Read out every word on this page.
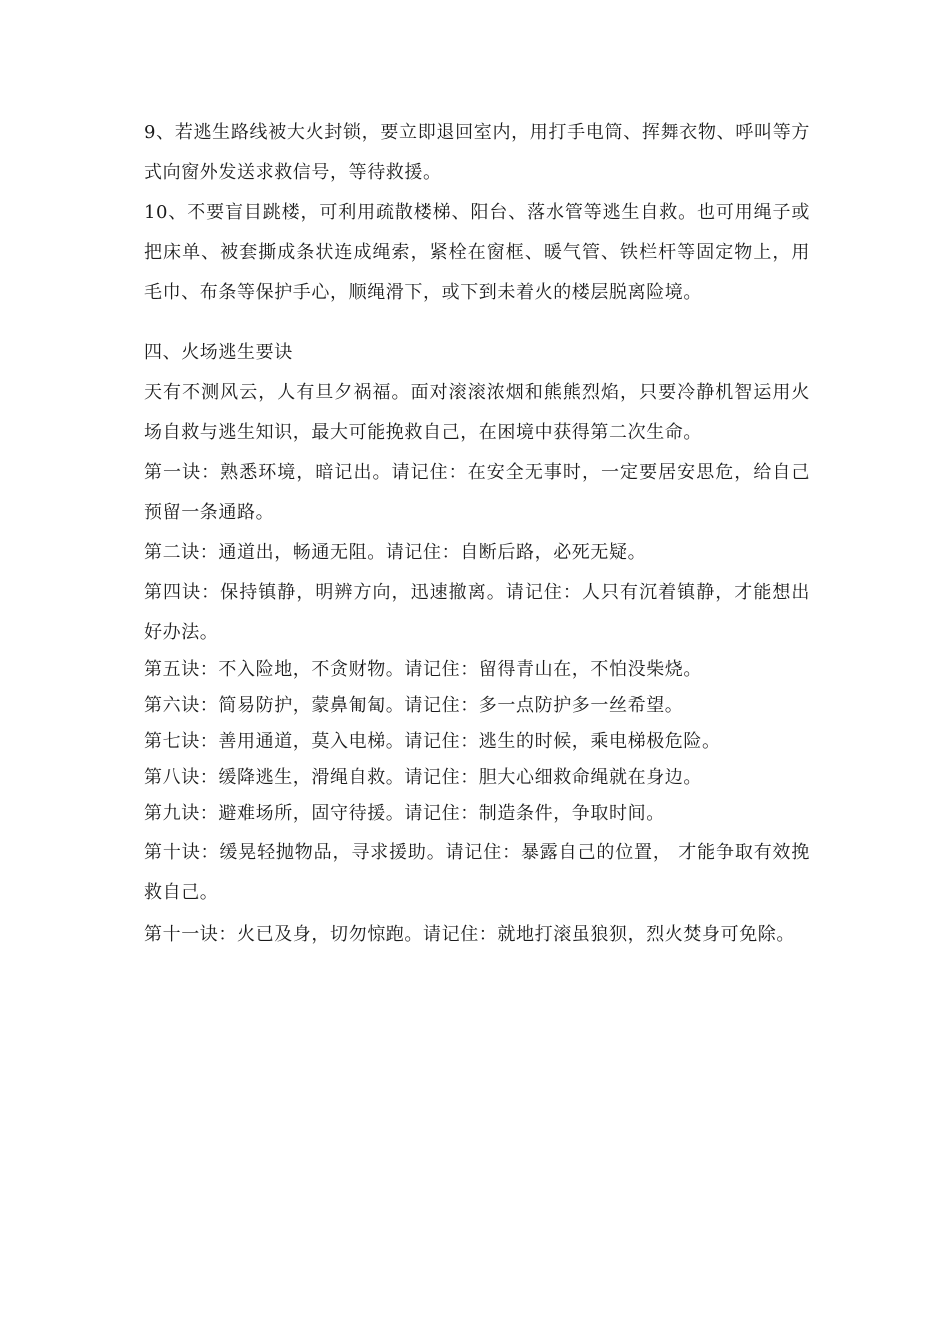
9、若逃生路线被大火封锁，要立即退回室内，用打手电筒、挥舞衣物、呼叫等方式向窗外发送求救信号，等待救援。

10、不要盲目跳楼，可利用疏散楼梯、阳台、落水管等逃生自救。也可用绳子或 把床单、被套撕成条状连成绳索，紧栓在窗框、暖气管、铁栏杆等固定物上，用 毛巾、布条等保护手心，顺绳滑下，或下到未着火的楼层脱离险境。

四、火场逃生要诀

天有不测风云，人有旦夕祸福。面对滚滚浓烟和熊熊烈焰，只要冷静机智运用火 场自救与逃生知识，最大可能挽救自己，在困境中获得第二次生命。

第一诀：熟悉环境，暗记出。请记住：在安全无事时，一定要居安思危，给自己预留一条通路。

第二诀：通道出，畅通无阻。请记住：自断后路，必死无疑。

第四诀：保持镇静，明辨方向，迅速撤离。请记住：人只有沉着镇静，才能想出 好办法。

第五诀：不入险地，不贪财物。请记住：留得青山在，不怕没柴烧。

第六诀：简易防护，蒙鼻匍匐。请记住：多一点防护多一丝希望。

第七诀：善用通道，莫入电梯。请记住：逃生的时候，乘电梯极危险。

第八诀：缓降逃生，滑绳自救。请记住：胆大心细救命绳就在身边。

第九诀：避难场所，固守待援。请记住：制造条件，争取时间。

第十诀：缓晃轻抛物品，寻求援助。请记住：暴露自己的位置， 才能争取有效挽救自己。

第十一诀：火已及身，切勿惊跑。请记住：就地打滚虽狼狈，烈火焚身可免除。
